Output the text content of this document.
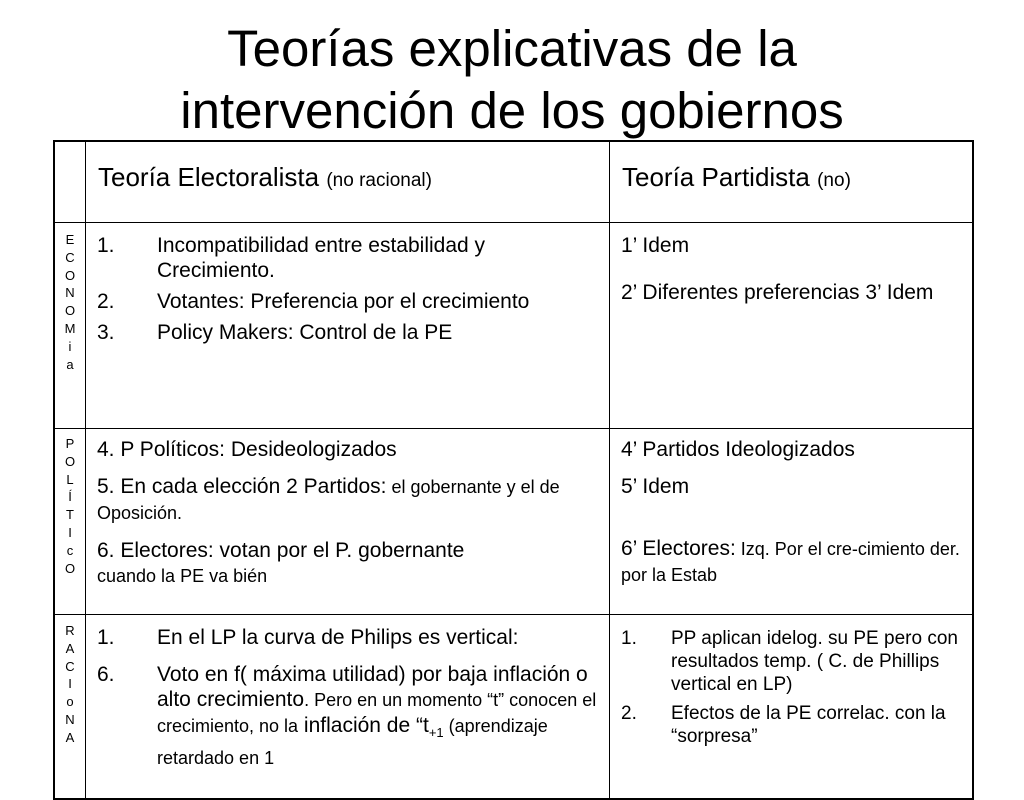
Teorías explicativas de la
intervención de los gobiernos
Teoría Electoralista (no racional)	Teoría Partidista (no)
E
C
O
N
O
M
i
a
P
O
L
Í
T
I
c
O
R
A
C
I
o
N
A
1. Incompatibilidad entre estabilidad y Crecimiento.
2. Votantes: Preferencia por el crecimiento
3. Policy Makers: Control de la PE
1’ Idem
2’ Diferentes preferencias 3’ Idem
4. P Políticos: Desideologizados
5. En cada elección 2 Partidos: el gobernante y el de Oposición.
6. Electores: votan por el P. gobernante
cuando la PE va bién
4’ Partidos Ideologizados
5’ Idem
6’ Electores: Izq. Por el cre-cimiento der. por la Estab
1. En el LP la curva de Philips es vertical:
6. Voto en f( máxima utilidad) por baja inflación o alto crecimiento. Pero en un momento “t” conocen el crecimiento, no la inflación de “$t_{+1}$ (aprendizaje retardado en 1
1. PP aplican idelog. su PE pero con resultados temp. ( C. de Phillips vertical en LP)
2. Efectos de la PE correlac. con la “sorpresa”
